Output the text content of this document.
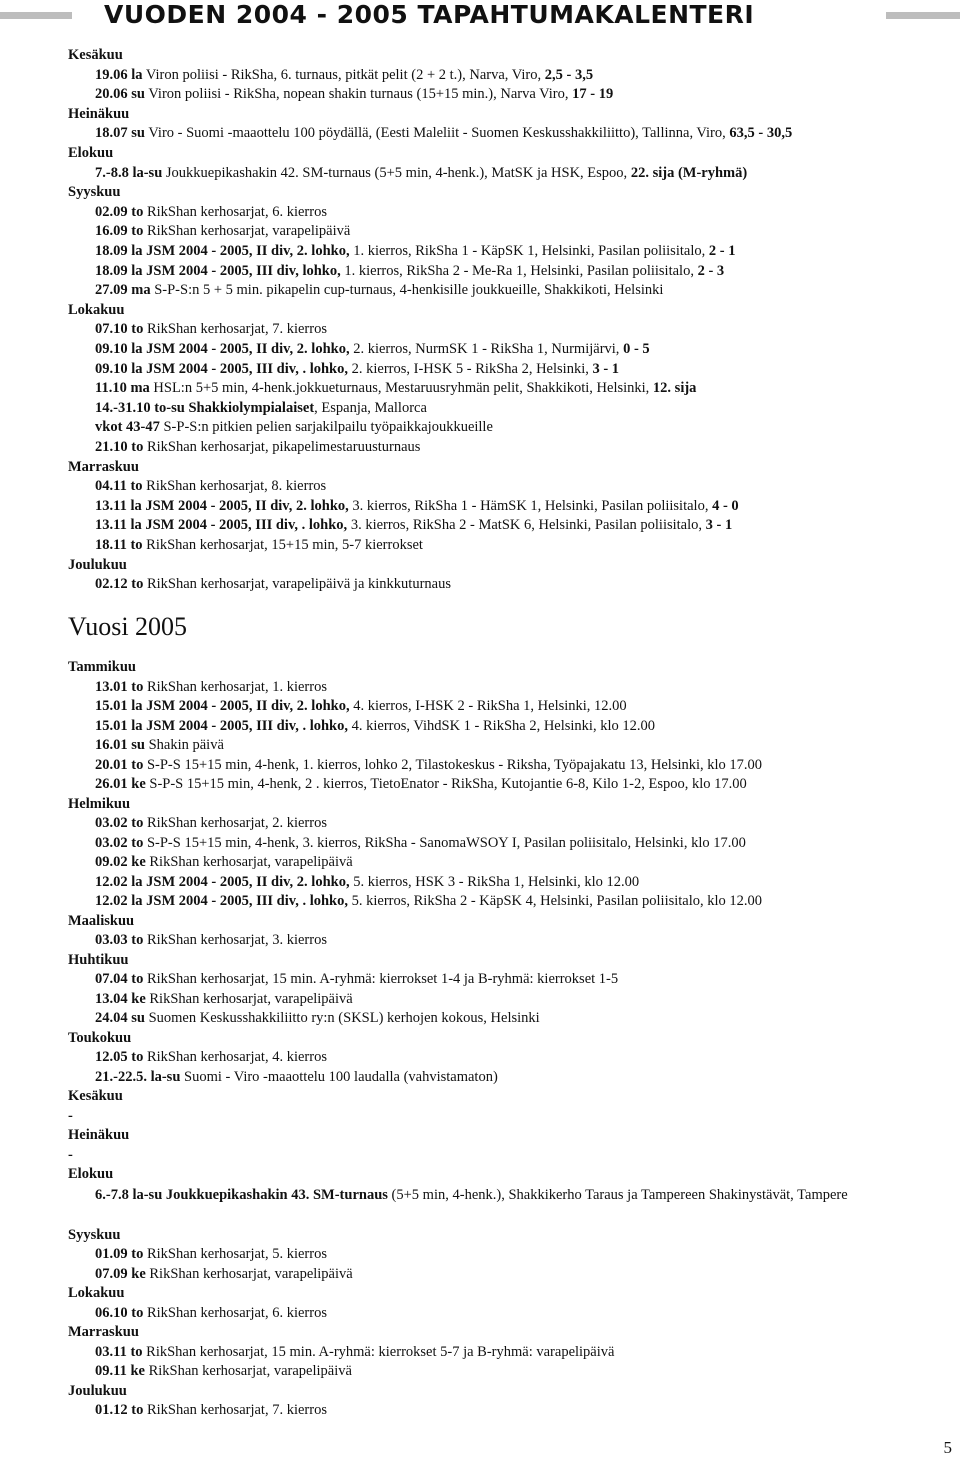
VUODEN 2004 - 2005 TAPAHTUMAKALENTERI
Kesäkuu
19.06 la Viron poliisi - RikSha, 6. turnaus, pitkät pelit (2 + 2 t.), Narva, Viro, 2,5 - 3,5
20.06 su Viron poliisi - RikSha, nopean shakin turnaus (15+15 min.), Narva Viro, 17 - 19
Heinäkuu
18.07 su Viro - Suomi -maaottelu 100 pöydällä, (Eesti Maleliit - Suomen Keskusshakkiliitto), Tallinna, Viro, 63,5 - 30,5
Elokuu
7.-8.8 la-su Joukkuepikashakin 42. SM-turnaus (5+5 min, 4-henk.), MatSK ja HSK, Espoo, 22. sija (M-ryhmä)
Syyskuu
02.09 to RikShan kerhosarjat, 6. kierros
16.09 to RikShan kerhosarjat, varapelipäivä
18.09 la JSM 2004 - 2005, II div, 2. lohko, 1. kierros, RikSha 1 - KäpSK 1, Helsinki, Pasilan poliisitalo, 2 - 1
18.09 la JSM 2004 - 2005, III div, lohko, 1. kierros, RikSha 2 - Me-Ra 1, Helsinki, Pasilan poliisitalo, 2 - 3
27.09 ma S-P-S:n 5 + 5 min. pikapelin cup-turnaus, 4-henkisille joukkueille, Shakkikoti, Helsinki
Lokakuu
07.10 to RikShan kerhosarjat, 7. kierros
09.10 la JSM 2004 - 2005, II div, 2. lohko, 2. kierros, NurmSK 1 - RikSha 1, Nurmijärvi, 0 - 5
09.10 la JSM 2004 - 2005, III div, . lohko, 2. kierros, I-HSK 5 - RikSha 2, Helsinki, 3 - 1
11.10 ma HSL:n 5+5 min, 4-henk.jokkueturnaus, Mestaruusryhmän pelit, Shakkikoti, Helsinki, 12. sija
14.-31.10 to-su Shakkiolympialaiset, Espanja, Mallorca
vkot 43-47 S-P-S:n pitkien pelien sarjakilpailu työpaikkajoukkueille
21.10 to RikShan kerhosarjat, pikapelimestaruusturnaus
Marraskuu
04.11 to RikShan kerhosarjat, 8. kierros
13.11 la JSM 2004 - 2005, II div, 2. lohko, 3. kierros, RikSha 1 - HämSK 1, Helsinki, Pasilan poliisitalo, 4 - 0
13.11 la JSM 2004 - 2005, III div, . lohko, 3. kierros, RikSha 2 - MatSK 6, Helsinki, Pasilan poliisitalo, 3 - 1
18.11 to RikShan kerhosarjat, 15+15 min, 5-7 kierrokset
Joulukuu
02.12 to RikShan kerhosarjat, varapelipäivä ja kinkkuturnaus
Vuosi 2005
Tammikuu
13.01 to RikShan kerhosarjat, 1. kierros
15.01 la JSM 2004 - 2005, II div, 2. lohko, 4. kierros, I-HSK 2 - RikSha 1, Helsinki, 12.00
15.01 la JSM 2004 - 2005, III div, . lohko, 4. kierros, VihdSK 1 - RikSha 2, Helsinki, klo 12.00
16.01 su Shakin päivä
20.01 to S-P-S 15+15 min, 4-henk, 1. kierros, lohko 2, Tilastokeskus - Riksha, Työpajakatu 13, Helsinki, klo 17.00
26.01 ke S-P-S 15+15 min, 4-henk, 2 . kierros, TietoEnator - RikSha, Kutojantie 6-8, Kilo 1-2, Espoo, klo 17.00
Helmikuu
03.02 to RikShan kerhosarjat, 2. kierros
03.02 to S-P-S 15+15 min, 4-henk, 3. kierros, RikSha - SanomaWSOY I, Pasilan poliisitalo, Helsinki, klo 17.00
09.02 ke RikShan kerhosarjat, varapelipäivä
12.02 la JSM 2004 - 2005, II div, 2. lohko, 5. kierros, HSK 3 - RikSha 1, Helsinki, klo 12.00
12.02 la JSM 2004 - 2005, III div, . lohko, 5. kierros, RikSha 2 - KäpSK 4, Helsinki, Pasilan poliisitalo, klo 12.00
Maaliskuu
03.03 to RikShan kerhosarjat, 3. kierros
Huhtikuu
07.04 to RikShan kerhosarjat, 15 min. A-ryhmä: kierrokset 1-4 ja B-ryhmä: kierrokset 1-5
13.04 ke RikShan kerhosarjat, varapelipäivä
24.04 su Suomen Keskusshakkiliitto ry:n (SKSL) kerhojen kokous, Helsinki
Toukokuu
12.05 to RikShan kerhosarjat, 4. kierros
21.-22.5. la-su Suomi - Viro -maaottelu 100 laudalla (vahvistamaton)
Kesäkuu
-
Heinäkuu
-
Elokuu
6.-7.8 la-su Joukkuepikashakin 43. SM-turnaus (5+5 min, 4-henk.), Shakkikerho Taraus ja Tampereen Shakinystävät, Tampere
Syyskuu
01.09 to RikShan kerhosarjat, 5. kierros
07.09 ke RikShan kerhosarjat, varapelipäivä
Lokakuu
06.10 to RikShan kerhosarjat, 6. kierros
Marraskuu
03.11 to RikShan kerhosarjat, 15 min. A-ryhmä: kierrokset 5-7 ja B-ryhmä: varapelipäivä
09.11 ke RikShan kerhosarjat, varapelipäivä
Joulukuu
01.12 to RikShan kerhosarjat, 7. kierros
5
